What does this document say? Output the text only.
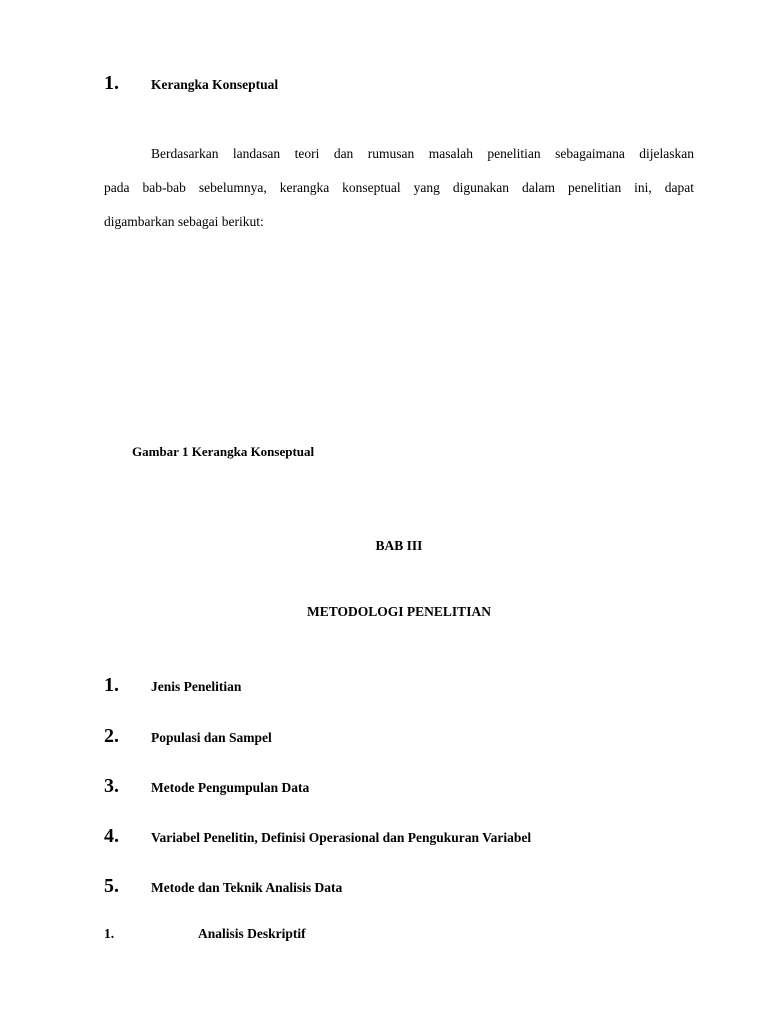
1. Kerangka Konseptual
Berdasarkan landasan teori dan rumusan masalah penelitian sebagaimana dijelaskan
pada bab-bab sebelumnya, kerangka konseptual yang digunakan dalam penelitian ini, dapat
digambarkan sebagai berikut:
Gambar 1 Kerangka Konseptual
BAB III
METODOLOGI PENELITIAN
1. Jenis Penelitian
2. Populasi dan Sampel
3. Metode Pengumpulan Data
4. Variabel Penelitin, Definisi Operasional dan Pengukuran Variabel
5. Metode dan Teknik Analisis Data
1.	Analisis Deskriptif
